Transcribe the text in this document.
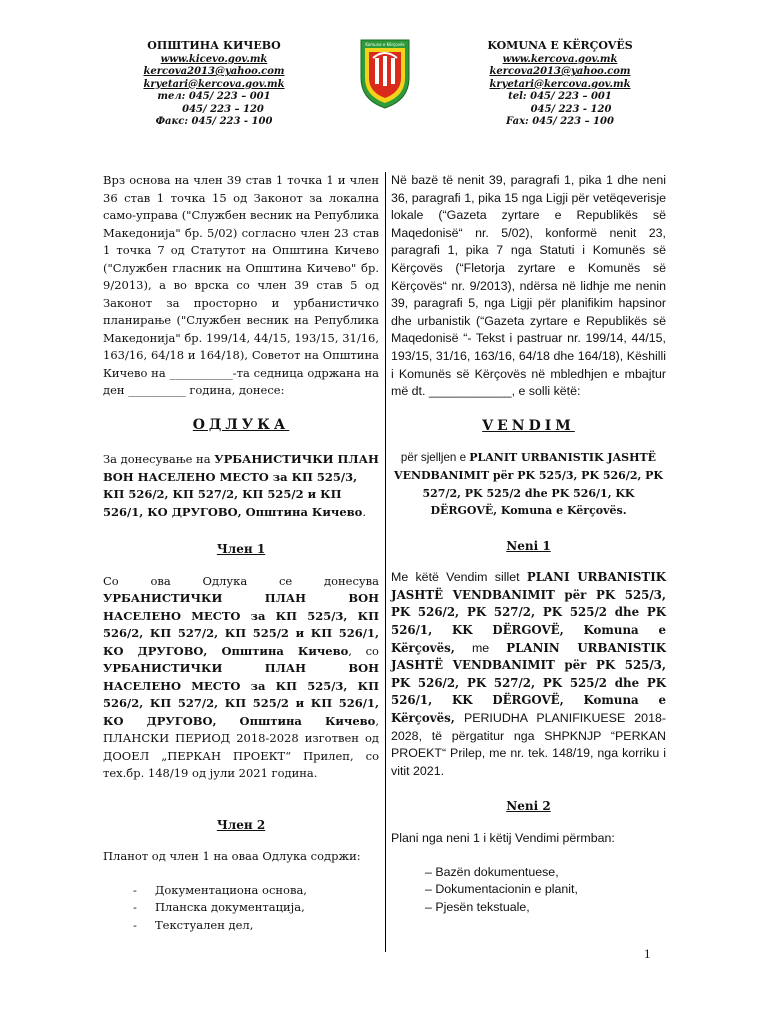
ОПШТИНА КИЧЕВО
www.kicevo.gov.mk
kercova2013@yahoo.com
kryetari@kercova.gov.mk
тел: 045/ 223 – 001
045/ 223 – 120
Факс: 045/ 223 - 100
Komuna e Kërçovës	KOMUNA E KËRÇOVËS
www.kercova.gov.mk
kercova2013@yahoo.com
kryetari@kercova.gov.mk
tel: 045/ 223 – 001
045/ 223 - 120
Fax: 045/ 223 – 100
Врз основа на член 39 став 1 точка 1 и член 36 став 1 точка 15 од Законот за локална само-управа ("Службен весник на Република Македонија" бр. 5/02) согласно член 23 став 1 точка 7 од Статутот на Општина Кичево ("Службен гласник на Општина Кичево" бр. 9/2013), а во врска со член 39 став 5 од Законот за просторно и урбанистичко планирање ("Службен весник на Република Македонија" бр. 199/14, 44/15, 193/15, 31/16, 163/16, 64/18 и 164/18), Советот на Општина Кичево на ___________-та седница одржана на ден __________ година, донесе:
ОДЛУКА
За донесување на УРБАНИСТИЧКИ ПЛАН ВОН НАСЕЛЕНО МЕСТО за КП 525/3, КП 526/2, КП 527/2, КП 525/2 и КП 526/1, КО ДРУГОВО, Општина Кичево.
Член 1
Со ова Одлука се донесува УРБАНИСТИЧКИ ПЛАН ВОН НАСЕЛЕНО МЕСТО за КП 525/3, КП 526/2, КП 527/2, КП 525/2 и КП 526/1, КО ДРУГОВО, Општина Кичево, со УРБАНИСТИЧКИ ПЛАН ВОН НАСЕЛЕНО МЕСТО за КП 525/3, КП 526/2, КП 527/2, КП 525/2 и КП 526/1, КО ДРУГОВО, Општина Кичево, ПЛАНСКИ ПЕРИОД 2018-2028 изготвен од ДООЕЛ „ПЕРКАН ПРОЕКТ“ Прилеп, со тех.бр. 148/19 од јули 2021 година.
Член 2
Планот од член 1 на оваа Одлука содржи:
- Документациона основа,
- Планска документација,
- Текстуален дел,
Në bazë të nenit 39, paragrafi 1, pika 1 dhe neni 36, paragrafi 1, pika 15 nga Ligji për vetëqeverisje lokale (“Gazeta zyrtare e Republikës së Maqedonisë“ nr. 5/02), konformë nenit 23, paragrafi 1, pika 7 nga Statuti i Komunës së Kërçovës (“Fletorja zyrtare e Komunës së Kërçovës“ nr. 9/2013), ndërsa në lidhje me nenin 39, paragrafi 5, nga Ligji për planifikim hapsinor dhe urbanistik (“Gazeta zyrtare e Republikës së Maqedonisë “- Tekst i pastruar nr. 199/14, 44/15, 193/15, 31/16, 163/16, 64/18 dhe 164/18), Këshilli i Komunës së Kërçovës në mbledhjen e mbajtur më dt. ____________, e solli këtë:
VENDIM
për sjelljen e PLANIT URBANISTIK JASHTË VENDBANIMIT për PK 525/3, PK 526/2, PK 527/2, PK 525/2 dhe PK 526/1, KK DËRGOVË, Komuna e Kërçovës.
Neni 1
Me këtë Vendim sillet PLANI URBANISTIK JASHTË VENDBANIMIT për PK 525/3, PK 526/2, PK 527/2, PK 525/2 dhe PK 526/1, KK DËRGOVË, Komuna e Kërçovës, me PLANIN URBANISTIK JASHTË VENDBANIMIT për PK 525/3, PK 526/2, PK 527/2, PK 525/2 dhe PK 526/1, KK DËRGOVË, Komuna e Kërçovës, PERIUDHA PLANIFIKUESE 2018-2028, të përgatitur nga SHPKNJP “PERKAN PROEKT“ Prilep, me nr. tek. 148/19, nga korriku i vitit 2021.
Neni 2
Plani nga neni 1 i këtij Vendimi përmban:
– Bazën dokumentuese,
– Dokumentacionin e planit,
– Pjesën tekstuale,
1
